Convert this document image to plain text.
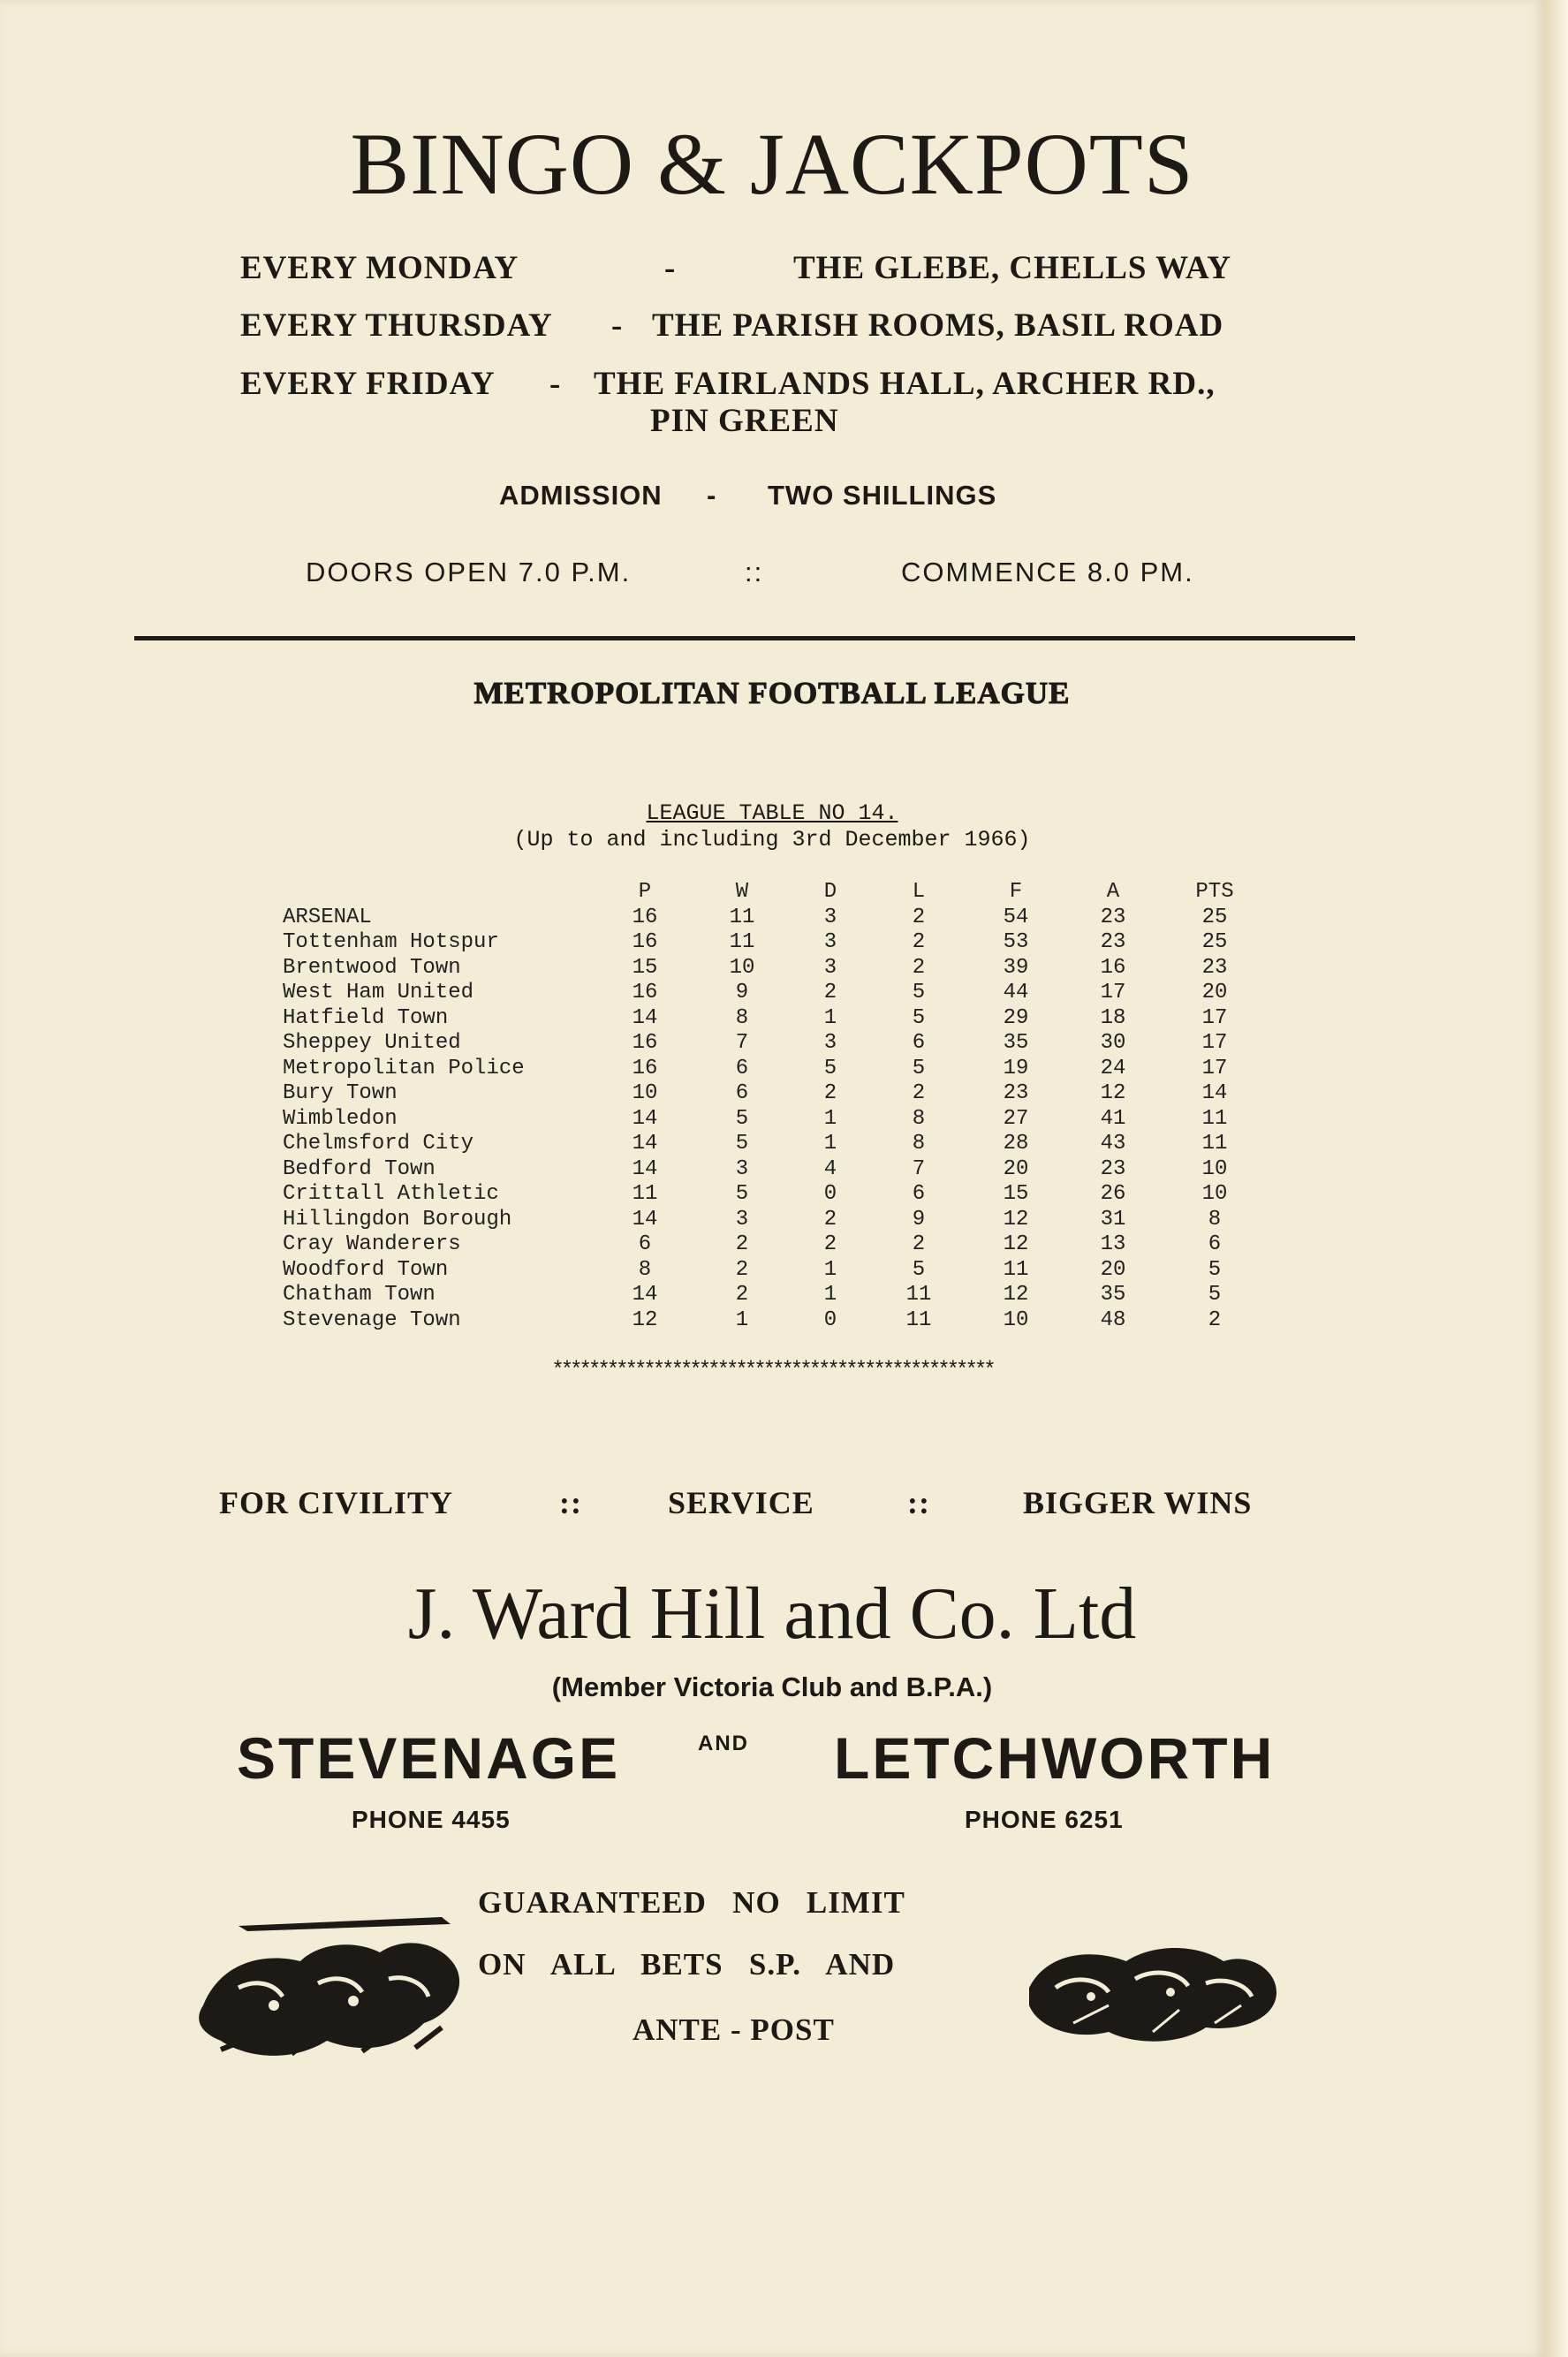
BINGO & JACKPOTS
EVERY MONDAY	-	THE GLEBE, CHELLS WAY
EVERY THURSDAY - THE PARISH ROOMS, BASIL ROAD
EVERY FRIDAY - THE FAIRLANDS HALL, ARCHER RD.,
PIN GREEN
ADMISSION - TWO SHILLINGS
DOORS OPEN 7.0 P.M.	::	COMMENCE 8.0 PM.
METROPOLITAN FOOTBALL LEAGUE
LEAGUE TABLE NO 14.
(Up to and including 3rd December 1966)
P	W	D	L	F	A	PTS
ARSENAL	16	11	3	2	54	23	25
Tottenham Hotspur	16	11	3	2	53	23	25
Brentwood Town	15	10	3	2	39	16	23
West Ham United	16	9	2	5	44	17	20
Hatfield Town	14	8	1	5	29	18	17
Sheppey United	16	7	3	6	35	30	17
Metropolitan Police	16	6	5	5	19	24	17
Bury Town	10	6	2	2	23	12	14
Wimbledon	14	5	1	8	27	41	11
Chelmsford City	14	5	1	8	28	43	11
Bedford Town	14	3	4	7	20	23	10
Crittall Athletic	11	5	0	6	15	26	10
Hillingdon Borough	14	3	2	9	12	31	8
Cray Wanderers	6	2	2	2	12	13	6
Woodford Town	8	2	1	5	11	20	5
Chatham Town	14	2	1	11	12	35	5
Stevenage Town	12	1	0	11	10	48	2
************************************************
FOR CIVILITY	::	SERVICE	::	BIGGER WINS
J. Ward Hill and Co. Ltd
(Member Victoria Club and B.P.A.)
STEVENAGE	AND LETCHWORTH
PHONE 4455	PHONE 6251
GUARANTEED   NO   LIMIT
ON   ALL   BETS   S.P.   AND
ANTE - POST
